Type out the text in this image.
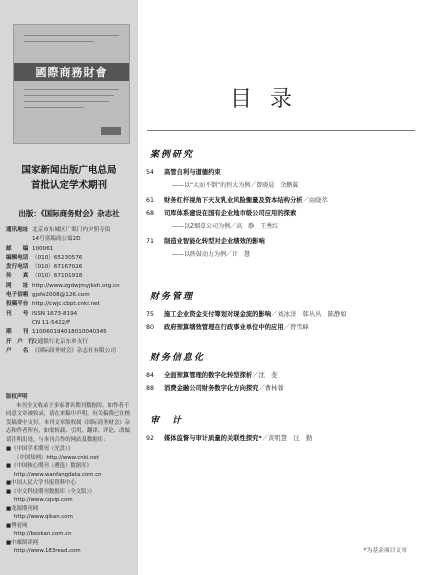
國際商務財會
国家新闻出版广电总局
首批认定学术期刊
出版：《国际商务财会》杂志社
通讯地址 北京市东城区广渠门内夕照寺街
14号富瑞商公寓2D
邮　　编 100061
编辑电话 （010）65230576
发行电话 （010）67167026
传　　真 （010）67101918
网　　址 http://www.zgdwjmyjksh.org.cn
电子信箱 gjsfe2008@126.com
投稿平台 http://cwjc.cbpt.cnki.net
刊　　号 ISSN 1673-8194
CN 11-5422/F
期　　刊 110060194018010040345
开　户　行交通银行北京东单支行
户　　名 《国际商务财会》杂志社有限公司
版权声明

本刊全文收录于多家著名期刊数据库。如作者不同意文章被收录，请在来稿中声明。有关稿费已在核发稿费中支付。本刊文章版权属《国际商务财会》杂志和作者所有，如需转载、引用、翻译、评论、改编请注明出处。与本刊合作的网站及数据库：

■《中国学术期刊（光盘）》
（中国知网）http://www.cnki.net
■《中国核心期刊（遴选）数据库》
http://www.wanfangdata.com.cn
■中国人民大学书报资料中心
■《中文科技期刊数据库（全文版）》
http://www.cqvip.com
■龙源期刊网
http://www.qikan.com
■博看网
http://bookan.com.cn
■中邮阅读网
http://www.183read.com
目录
案例研究
54 高管自利与道德约束
——以“大而不倒”的恒大为例／曾晓晨　余鹏翼
61 财务杠杆视角下天友乳业风险衡量及资本结构分析／由晓萃
68 司库体系建设在国有企业地市级公司应用的探索
——以Z烟草公司为例／高　静　王秀红
71 制造业智能化转型对企业绩效的影响
——以陕鼓动力为例／计　慧
财务管理
75 施工企业资金支付筹划对现金流的影响／刘冰洋　韩丛丛　陈静如
80 政府预算绩效管理在行政事业单位中的应用／曾雪峰
财务信息化
84 全面预算管理的数字化转型探析／沈　斐
88 消费金融公司财务数字化方向探究／曹林蓉
审　计
92 媒体监督与审计质量的关联性探究*／黄明慧　汪　勤
*为基金项目文章
